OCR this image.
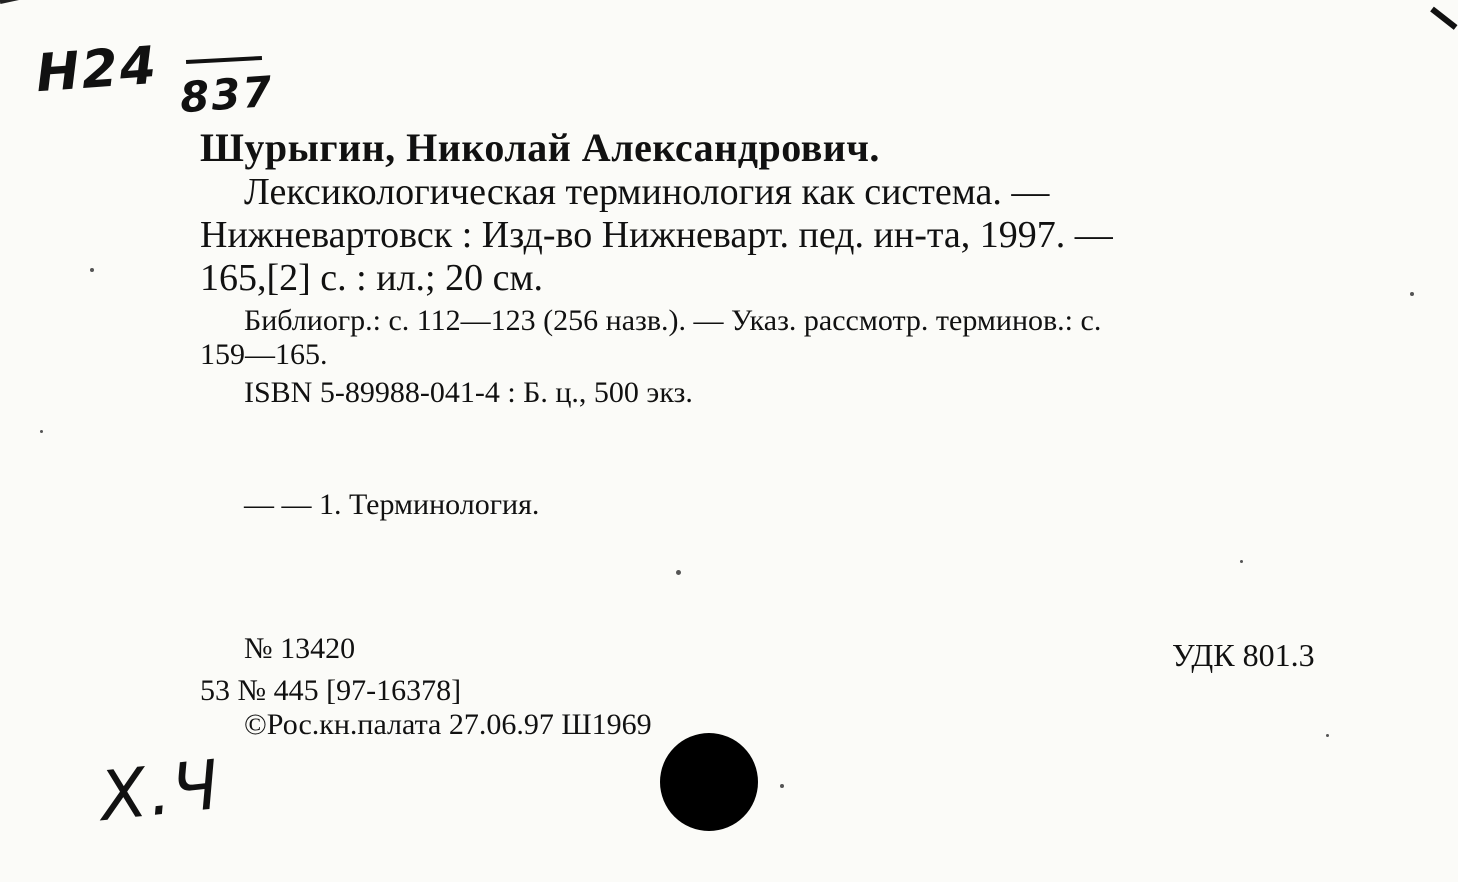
Н24 837
Шурыгин, Николай Александрович.
Лексикологическая терминология как система. —
Нижневартовск : Изд-во Нижневарт. пед. ин-та, 1997. —
165,[2] с. : ил.; 20 см.
Библиогр.: с. 112—123 (256 назв.). — Указ. рассмотр. терминов.: с.
159—165.
ISBN 5-89988-041-4 : Б. ц., 500 экз.
— — 1. Терминология.
№ 13420
53 № 445 [97-16378]
©Рос.кн.палата 27.06.97 Ш1969
УДК 801.3
Х.Ч
